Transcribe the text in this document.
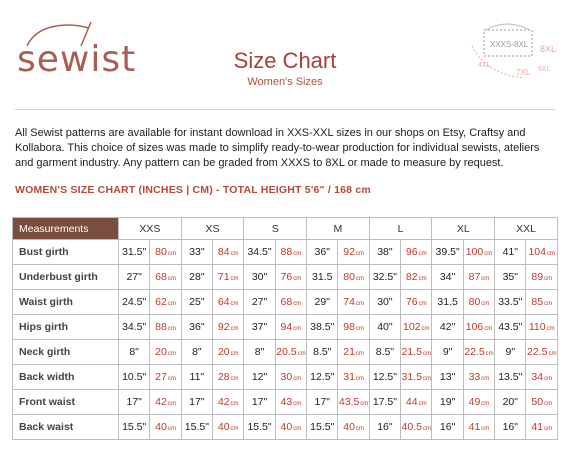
sewist	Size Chart
Women's Sizes
XXXS-8XL 8XL
7XL 5XL
4XL

All Sewist patterns are available for instant download in XXS-XXL sizes in our shops on Etsy, Craftsy and Kollabora. This choice of sizes was made to simplify ready-to-wear production for individual sewists, ateliers and garment industry. Any pattern can be graded from XXXS to 8XL or made to measure by request.

WOMEN'S SIZE CHART (INCHES | CM) - TOTAL HEIGHT 5'6" / 168 cm
Measurements	XXS		XS		S		M		L		XL		XXL	
Bust girth	31.5"	80cm	33"	84cm	34.5"	88cm	36"	92cm	38"	96cm	39.5"	100cm	41"	104cm
Underbust girth	27"	68cm	28"	71cm	30"	76cm	31.5	80cm	32.5"	82cm	34"	87cm	35"	89cm
Waist girth	24.5"	62cm	25"	64cm	27"	68cm	29"	74cm	30"	76cm	31.5	80cm	33.5"	85cm
Hips girth	34.5"	88cm	36"	92cm	37"	94cm	38.5"	98cm	40"	102cm	42"	106cm	43.5"	110cm
Neck girth	8"	20cm	8"	20cm	8"	20.5cm	8.5"	21cm	8.5"	21.5cm	9"	22.5cm	9"	22.5cm
Back width	10.5"	27cm	11"	28cm	12"	30cm	12.5"	31cm	12.5"	31.5cm	13"	33cm	13.5"	34cm
Front waist	17"	42cm	17"	42cm	17"	43cm	17"	43.5cm	17.5"	44cm	19"	49cm	20"	50cm
Back waist	15.5"	40cm	15.5"	40cm	15.5"	40cm	15.5"	40cm	16"	40.5cm	16"	41cm	16"	41cm
